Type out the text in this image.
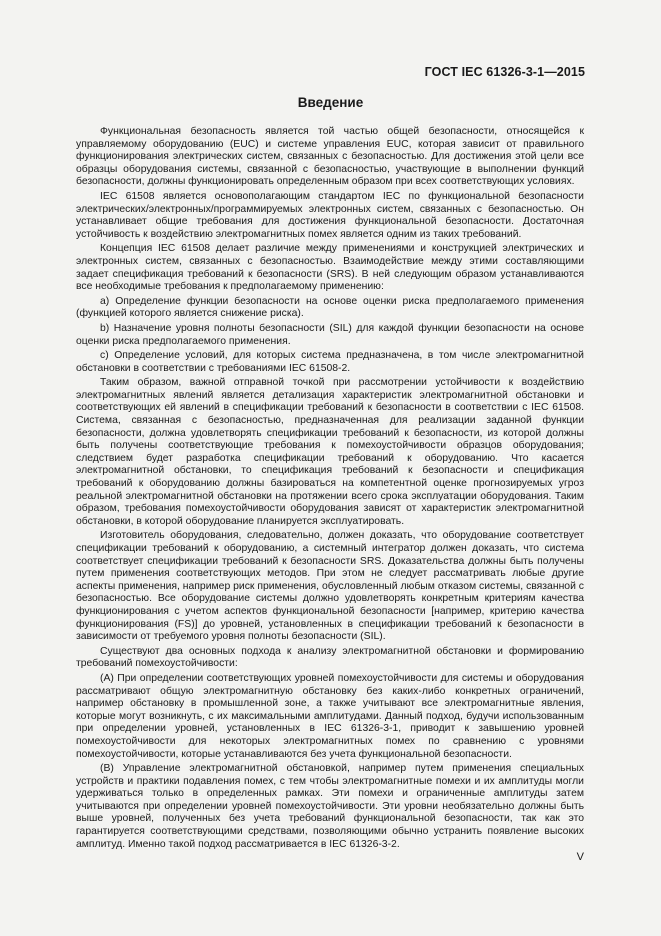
ГОСТ IEC 61326-3-1—2015
Введение

Функциональная безопасность является той частью общей безопасности, относящейся к управляемому оборудованию (EUC) и системе управления EUC, которая зависит от правильного функционирования электрических систем, связанных с безопасностью. Для достижения этой цели все образцы оборудования системы, связанной с безопасностью, участвующие в выполнении функций безопасности, должны функционировать определенным образом при всех соответствующих условиях.

IEC 61508 является основополагающим стандартом IEC по функциональной безопасности электрических/электронных/программируемых электронных систем, связанных с безопасностью. Он устанавливает общие требования для достижения функциональной безопасности. Достаточная устойчивость к воздействию электромагнитных помех является одним из таких требований.

Концепция IEC 61508 делает различие между применениями и конструкцией электрических и электронных систем, связанных с безопасностью. Взаимодействие между этими составляющими задает спецификация требований к безопасности (SRS). В ней следующим образом устанавливаются все необходимые требования к предполагаемому применению:

a) Определение функции безопасности на основе оценки риска предполагаемого применения (функцией которого является снижение риска).

b) Назначение уровня полноты безопасности (SIL) для каждой функции безопасности на основе оценки риска предполагаемого применения.

c) Определение условий, для которых система предназначена, в том числе электромагнитной обстановки в соответствии с требованиями IEC 61508-2.

Таким образом, важной отправной точкой при рассмотрении устойчивости к воздействию электромагнитных явлений является детализация характеристик электромагнитной обстановки и соответствующих ей явлений в спецификации требований к безопасности в соответствии с IEC 61508. Система, связанная с безопасностью, предназначенная для реализации заданной функции безопасности, должна удовлетворять спецификации требований к безопасности, из которой должны быть получены соответствующие требования к помехоустойчивости образцов оборудования; следствием будет разработка спецификации требований к оборудованию. Что касается электромагнитной обстановки, то спецификация требований к безопасности и спецификация требований к оборудованию должны базироваться на компетентной оценке прогнозируемых угроз реальной электромагнитной обстановки на протяжении всего срока эксплуатации оборудования. Таким образом, требования помехоустойчивости оборудования зависят от характеристик электромагнитной обстановки, в которой оборудование планируется эксплуатировать.

Изготовитель оборудования, следовательно, должен доказать, что оборудование соответствует спецификации требований к оборудованию, а системный интегратор должен доказать, что система соответствует спецификации требований к безопасности SRS. Доказательства должны быть получены путем применения соответствующих методов. При этом не следует рассматривать любые другие аспекты применения, например риск применения, обусловленный любым отказом системы, связанной с безопасностью. Все оборудование системы должно удовлетворять конкретным критериям качества функционирования с учетом аспектов функциональной безопасности [например, критерию качества функционирования (FS)] до уровней, установленных в спецификации требований к безопасности в зависимости от требуемого уровня полноты безопасности (SIL).

Существуют два основных подхода к анализу электромагнитной обстановки и формированию требований помехоустойчивости:

(A) При определении соответствующих уровней помехоустойчивости для системы и оборудования рассматривают общую электромагнитную обстановку без каких-либо конкретных ограничений, например обстановку в промышленной зоне, а также учитывают все электромагнитные явления, которые могут возникнуть, с их максимальными амплитудами. Данный подход, будучи использованным при определении уровней, установленных в IEC 61326-3-1, приводит к завышению уровней помехоустойчивости для некоторых электромагнитных помех по сравнению с уровнями помехоустойчивости, которые устанавливаются без учета функциональной безопасности.

(B) Управление электромагнитной обстановкой, например путем применения специальных устройств и практики подавления помех, с тем чтобы электромагнитные помехи и их амплитуды могли удерживаться только в определенных рамках. Эти помехи и ограниченные амплитуды затем учитываются при определении уровней помехоустойчивости. Эти уровни необязательно должны быть выше уровней, полученных без учета требований функциональной безопасности, так как это гарантируется соответствующими средствами, позволяющими обычно устранить появление высоких амплитуд. Именно такой подход рассматривается в IEC 61326-3-2.

V
